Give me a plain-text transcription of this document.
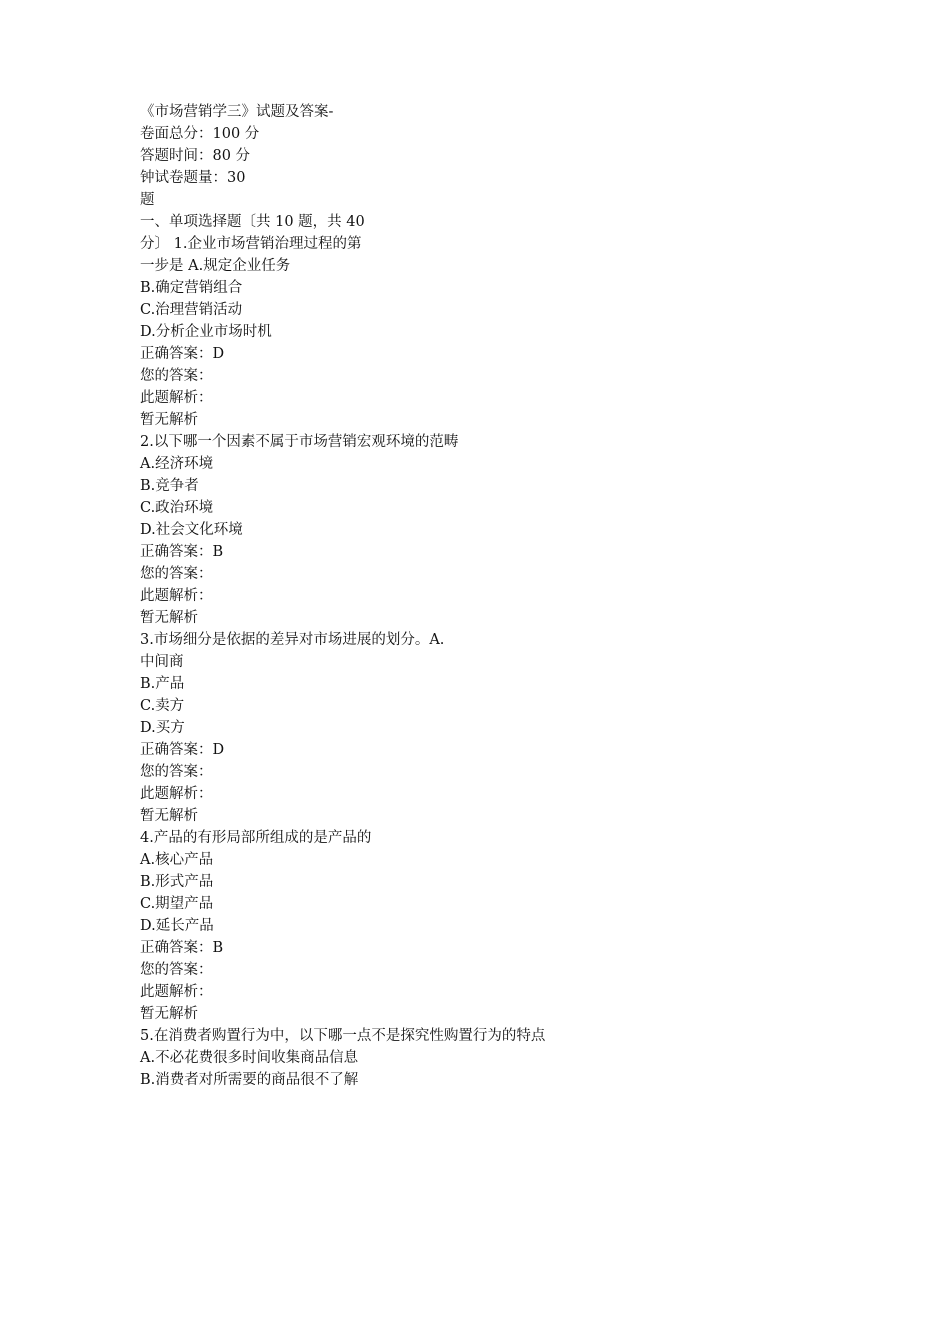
《市场营销学三》试题及答案-
卷面总分：100 分
答题时间：80 分
钟试卷题量：30
题
一、单项选择题〔共 10 题，共 40
分〕 1.企业市场营销治理过程的第
一步是 A.规定企业任务
B.确定营销组合
C.治理营销活动
D.分析企业市场时机
正确答案：D
您的答案：
此题解析：
暂无解析
2.以下哪一个因素不属于市场营销宏观环境的范畴
A.经济环境
B.竞争者
C.政治环境
D.社会文化环境
正确答案：B
您的答案：
此题解析：
暂无解析
3.市场细分是依据的差异对市场进展的划分。A.
中间商
B.产品
C.卖方
D.买方
正确答案：D
您的答案：
此题解析：
暂无解析
4.产品的有形局部所组成的是产品的
A.核心产品
B.形式产品
C.期望产品
D.延长产品
正确答案：B
您的答案：
此题解析：
暂无解析
5.在消费者购置行为中，以下哪一点不是探究性购置行为的特点
A.不必花费很多时间收集商品信息
B.消费者对所需要的商品很不了解
